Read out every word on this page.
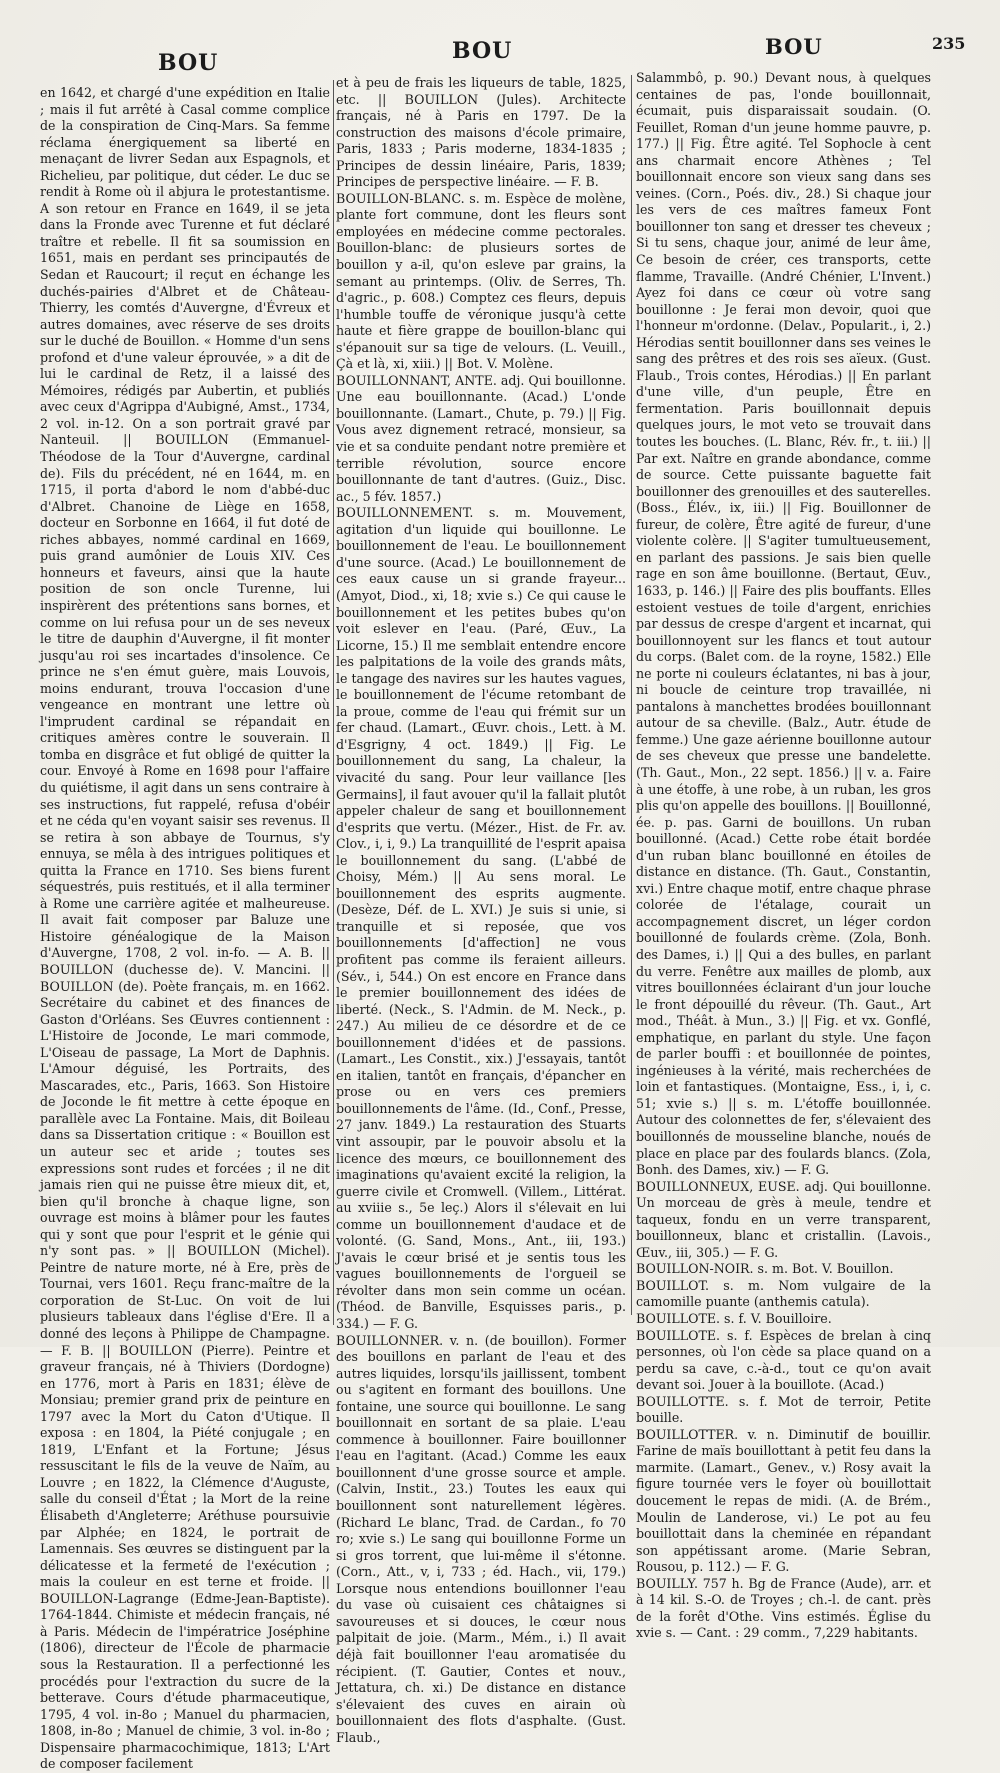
BOU	BOU	BOU	235

en 1642, et chargé d'une expédition en Italie ; mais il fut arrêté à Casal comme complice de la conspiration de Cinq-Mars. Sa femme réclama énergiquement sa liberté en menaçant de livrer Sedan aux Espagnols, et Richelieu, par politique, dut céder. Le duc se rendit à Rome où il abjura le protestantisme. A son retour en France en 1649, il se jeta dans la Fronde avec Turenne et fut déclaré traître et rebelle. Il fit sa soumission en 1651, mais en perdant ses principautés de Sedan et Raucourt; il reçut en échange les duchés-pairies d'Albret et de Château-Thierry, les comtés d'Auvergne, d'Évreux et autres domaines, avec réserve de ses droits sur le duché de Bouillon. « Homme d'un sens profond et d'une valeur éprouvée, » a dit de lui le cardinal de Retz, il a laissé des Mémoires, rédigés par Aubertin, et publiés avec ceux d'Agrippa d'Aubigné, Amst., 1734, 2 vol. in-12. On a son portrait gravé par Nanteuil. || BOUILLON (Emmanuel-Théodose de la Tour d'Auvergne, cardinal de). Fils du précédent, né en 1644, m. en 1715, il porta d'abord le nom d'abbé-duc d'Albret. Chanoine de Liège en 1658, docteur en Sorbonne en 1664, il fut doté de riches abbayes, nommé cardinal en 1669, puis grand aumônier de Louis XIV. Ces honneurs et faveurs, ainsi que la haute position de son oncle Turenne, lui inspirèrent des prétentions sans bornes, et comme on lui refusa pour un de ses neveux le titre de dauphin d'Auvergne, il fit monter jusqu'au roi ses incartades d'insolence. Ce prince ne s'en émut guère, mais Louvois, moins endurant, trouva l'occasion d'une vengeance en montrant une lettre où l'imprudent cardinal se répandait en critiques amères contre le souverain. Il tomba en disgrâce et fut obligé de quitter la cour. Envoyé à Rome en 1698 pour l'affaire du quiétisme, il agit dans un sens contraire à ses instructions, fut rappelé, refusa d'obéir et ne céda qu'en voyant saisir ses revenus. Il se retira à son abbaye de Tournus, s'y ennuya, se mêla à des intrigues politiques et quitta la France en 1710. Ses biens furent séquestrés, puis restitués, et il alla terminer à Rome une carrière agitée et malheureuse. Il avait fait composer par Baluze une Histoire généalogique de la Maison d'Auvergne, 1708, 2 vol. in-fo. — A. B. || BOUILLON (duchesse de). V. Mancini. || BOUILLON (de). Poète français, m. en 1662. Secrétaire du cabinet et des finances de Gaston d'Orléans. Ses Œuvres contiennent : L'Histoire de Joconde, Le mari commode, L'Oiseau de passage, La Mort de Daphnis. L'Amour déguisé, les Portraits, des Mascarades, etc., Paris, 1663. Son Histoire de Joconde le fit mettre à cette époque en parallèle avec La Fontaine. Mais, dit Boileau dans sa Dissertation critique : « Bouillon est un auteur sec et aride ; toutes ses expressions sont rudes et forcées ; il ne dit jamais rien qui ne puisse être mieux dit, et, bien qu'il bronche à chaque ligne, son ouvrage est moins à blâmer pour les fautes qui y sont que pour l'esprit et le génie qui n'y sont pas. » || BOUILLON (Michel). Peintre de nature morte, né à Ere, près de Tournai, vers 1601. Reçu franc-maître de la corporation de St-Luc. On voit de lui plusieurs tableaux dans l'église d'Ere. Il a donné des leçons à Philippe de Champagne. — F. B. || BOUILLON (Pierre). Peintre et graveur français, né à Thiviers (Dordogne) en 1776, mort à Paris en 1831; élève de Monsiau; premier grand prix de peinture en 1797 avec la Mort du Caton d'Utique. Il exposa : en 1804, la Piété conjugale ; en 1819, L'Enfant et la Fortune; Jésus ressuscitant le fils de la veuve de Naïm, au Louvre ; en 1822, la Clémence d'Auguste, salle du conseil d'État ; la Mort de la reine Élisabeth d'Angleterre; Aréthuse poursuivie par Alphée; en 1824, le portrait de Lamennais. Ses œuvres se distinguent par la délicatesse et la fermeté de l'exécution ; mais la couleur en est terne et froide. || BOUILLON-Lagrange (Edme-Jean-Baptiste). 1764-1844. Chimiste et médecin français, né à Paris. Médecin de l'impératrice Joséphine (1806), directeur de l'École de pharmacie sous la Restauration. Il a perfectionné les procédés pour l'extraction du sucre de la betterave. Cours d'étude pharmaceutique, 1795, 4 vol. in-8o ; Manuel du pharmacien, 1808, in-8o ; Manuel de chimie, 3 vol. in-8o ; Dispensaire pharmacochimique, 1813; L'Art de composer facilement

et à peu de frais les liqueurs de table, 1825, etc. || BOUILLON (Jules). Architecte français, né à Paris en 1797. De la construction des maisons d'école primaire, Paris, 1833 ; Paris moderne, 1834-1835 ; Principes de dessin linéaire, Paris, 1839; Principes de perspective linéaire. — F. B.

BOUILLON-BLANC. s. m. Espèce de molène, plante fort commune, dont les fleurs sont employées en médecine comme pectorales. Bouillon-blanc: de plusieurs sortes de bouillon y a-il, qu'on esleve par grains, la semant au printemps. (Oliv. de Serres, Th. d'agric., p. 608.) Comptez ces fleurs, depuis l'humble touffe de véronique jusqu'à cette haute et fière grappe de bouillon-blanc qui s'épanouit sur sa tige de velours. (L. Veuill., Çà et là, xi, xiii.) || Bot. V. Molène.

BOUILLONNANT, ANTE. adj. Qui bouillonne. Une eau bouillonnante. (Acad.) L'onde bouillonnante. (Lamart., Chute, p. 79.) || Fig. Vous avez dignement retracé, monsieur, sa vie et sa conduite pendant notre première et terrible révolution, source encore bouillonnante de tant d'autres. (Guiz., Disc. ac., 5 fév. 1857.)

BOUILLONNEMENT. s. m. Mouvement, agitation d'un liquide qui bouillonne. Le bouillonnement de l'eau. Le bouillonnement d'une source. (Acad.) Le bouillonnement de ces eaux cause un si grande frayeur... (Amyot, Diod., xi, 18; xvie s.) Ce qui cause le bouillonnement et les petites bubes qu'on voit eslever en l'eau. (Paré, Œuv., La Licorne, 15.) Il me semblait entendre encore les palpitations de la voile des grands mâts, le tangage des navires sur les hautes vagues, le bouillonnement de l'écume retombant de la proue, comme de l'eau qui frémit sur un fer chaud. (Lamart., Œuvr. chois., Lett. à M. d'Esgrigny, 4 oct. 1849.) || Fig. Le bouillonnement du sang, La chaleur, la vivacité du sang. Pour leur vaillance [les Germains], il faut avouer qu'il la fallait plutôt appeler chaleur de sang et bouillonnement d'esprits que vertu. (Mézer., Hist. de Fr. av. Clov., i, i, 9.) La tranquillité de l'esprit apaisa le bouillonnement du sang. (L'abbé de Choisy, Mém.) || Au sens moral. Le bouillonnement des esprits augmente. (Desèze, Déf. de L. XVI.) Je suis si unie, si tranquille et si reposée, que vos bouillonnements [d'affection] ne vous profitent pas comme ils feraient ailleurs. (Sév., i, 544.) On est encore en France dans le premier bouillonnement des idées de liberté. (Neck., S. l'Admin. de M. Neck., p. 247.) Au milieu de ce désordre et de ce bouillonnement d'idées et de passions. (Lamart., Les Constit., xix.) J'essayais, tantôt en italien, tantôt en français, d'épancher en prose ou en vers ces premiers bouillonnements de l'âme. (Id., Conf., Presse, 27 janv. 1849.) La restauration des Stuarts vint assoupir, par le pouvoir absolu et la licence des mœurs, ce bouillonnement des imaginations qu'avaient excité la religion, la guerre civile et Cromwell. (Villem., Littérat. au xviiie s., 5e leç.) Alors il s'élevait en lui comme un bouillonnement d'audace et de volonté. (G. Sand, Mons., Ant., iii, 193.) J'avais le cœur brisé et je sentis tous les vagues bouillonnements de l'orgueil se révolter dans mon sein comme un océan. (Théod. de Banville, Esquisses paris., p. 334.) — F. G.

BOUILLONNER. v. n. (de bouillon). Former des bouillons en parlant de l'eau et des autres liquides, lorsqu'ils jaillissent, tombent ou s'agitent en formant des bouillons. Une fontaine, une source qui bouillonne. Le sang bouillonnait en sortant de sa plaie. L'eau commence à bouillonner. Faire bouillonner l'eau en l'agitant. (Acad.) Comme les eaux bouillonnent d'une grosse source et ample. (Calvin, Instit., 23.) Toutes les eaux qui bouillonnent sont naturellement légères. (Richard Le blanc, Trad. de Cardan., fo 70 ro; xvie s.) Le sang qui bouillonne Forme un si gros torrent, que lui-même il s'étonne. (Corn., Att., v, i, 733 ; éd. Hach., vii, 179.) Lorsque nous entendions bouillonner l'eau du vase où cuisaient ces châtaignes si savoureuses et si douces, le cœur nous palpitait de joie. (Marm., Mém., i.) Il avait déjà fait bouillonner l'eau aromatisée du récipient. (T. Gautier, Contes et nouv., Jettatura, ch. xi.) De distance en distance s'élevaient des cuves en airain où bouillonnaient des flots d'asphalte. (Gust. Flaub.,

Salammbô, p. 90.) Devant nous, à quelques centaines de pas, l'onde bouillonnait, écumait, puis disparaissait soudain. (O. Feuillet, Roman d'un jeune homme pauvre, p. 177.) || Fig. Être agité. Tel Sophocle à cent ans charmait encore Athènes ; Tel bouillonnait encore son vieux sang dans ses veines. (Corn., Poés. div., 28.) Si chaque jour les vers de ces maîtres fameux Font bouillonner ton sang et dresser tes cheveux ; Si tu sens, chaque jour, animé de leur âme, Ce besoin de créer, ces transports, cette flamme, Travaille. (André Chénier, L'Invent.) Ayez foi dans ce cœur où votre sang bouillonne : Je ferai mon devoir, quoi que l'honneur m'ordonne. (Delav., Popularit., i, 2.) Hérodias sentit bouillonner dans ses veines le sang des prêtres et des rois ses aïeux. (Gust. Flaub., Trois contes, Hérodias.) || En parlant d'une ville, d'un peuple, Être en fermentation. Paris bouillonnait depuis quelques jours, le mot veto se trouvait dans toutes les bouches. (L. Blanc, Rév. fr., t. iii.) || Par ext. Naître en grande abondance, comme de source. Cette puissante baguette fait bouillonner des grenouilles et des sauterelles. (Boss., Élév., ix, iii.) || Fig. Bouillonner de fureur, de colère, Être agité de fureur, d'une violente colère. || S'agiter tumultueusement, en parlant des passions. Je sais bien quelle rage en son âme bouillonne. (Bertaut, Œuv., 1633, p. 146.) || Faire des plis bouffants. Elles estoient vestues de toile d'argent, enrichies par dessus de crespe d'argent et incarnat, qui bouillonnoyent sur les flancs et tout autour du corps. (Balet com. de la royne, 1582.) Elle ne porte ni couleurs éclatantes, ni bas à jour, ni boucle de ceinture trop travaillée, ni pantalons à manchettes brodées bouillonnant autour de sa cheville. (Balz., Autr. étude de femme.) Une gaze aérienne bouillonne autour de ses cheveux que presse une bandelette. (Th. Gaut., Mon., 22 sept. 1856.) || v. a. Faire à une étoffe, à une robe, à un ruban, les gros plis qu'on appelle des bouillons. || Bouillonné, ée. p. pas. Garni de bouillons. Un ruban bouillonné. (Acad.) Cette robe était bordée d'un ruban blanc bouillonné en étoiles de distance en distance. (Th. Gaut., Constantin, xvi.) Entre chaque motif, entre chaque phrase colorée de l'étalage, courait un accompagnement discret, un léger cordon bouillonné de foulards crème. (Zola, Bonh. des Dames, i.) || Qui a des bulles, en parlant du verre. Fenêtre aux mailles de plomb, aux vitres bouillonnées éclairant d'un jour louche le front dépouillé du rêveur. (Th. Gaut., Art mod., Théât. à Mun., 3.) || Fig. et vx. Gonflé, emphatique, en parlant du style. Une façon de parler bouffi : et bouillonnée de pointes, ingénieuses à la vérité, mais recherchées de loin et fantastiques. (Montaigne, Ess., i, i, c. 51; xvie s.) || s. m. L'étoffe bouillonnée. Autour des colonnettes de fer, s'élevaient des bouillonnés de mousseline blanche, noués de place en place par des foulards blancs. (Zola, Bonh. des Dames, xiv.) — F. G.

BOUILLONNEUX, EUSE. adj. Qui bouillonne. Un morceau de grès à meule, tendre et taqueux, fondu en un verre transparent, bouillonneux, blanc et cristallin. (Lavois., Œuv., iii, 305.) — F. G.

BOUILLON-NOIR. s. m. Bot. V. Bouillon.

BOUILLOT. s. m. Nom vulgaire de la camomille puante (anthemis catula).

BOUILLOTE. s. f. V. Bouilloire.

BOUILLOTE. s. f. Espèces de brelan à cinq personnes, où l'on cède sa place quand on a perdu sa cave, c.-à-d., tout ce qu'on avait devant soi. Jouer à la bouillote. (Acad.)

BOUILLOTTE. s. f. Mot de terroir, Petite bouille.

BOUILLOTTER. v. n. Diminutif de bouillir. Farine de maïs bouillottant à petit feu dans la marmite. (Lamart., Genev., v.) Rosy avait la figure tournée vers le foyer où bouillottait doucement le repas de midi. (A. de Brém., Moulin de Landerose, vi.) Le pot au feu bouillottait dans la cheminée en répandant son appétissant arome. (Marie Sebran, Rousou, p. 112.) — F. G.

BOUILLY. 757 h. Bg de France (Aude), arr. et à 14 kil. S.-O. de Troyes ; ch.-l. de cant. près de la forêt d'Othe. Vins estimés. Église du xvie s. — Cant. : 29 comm., 7,229 habitants.
